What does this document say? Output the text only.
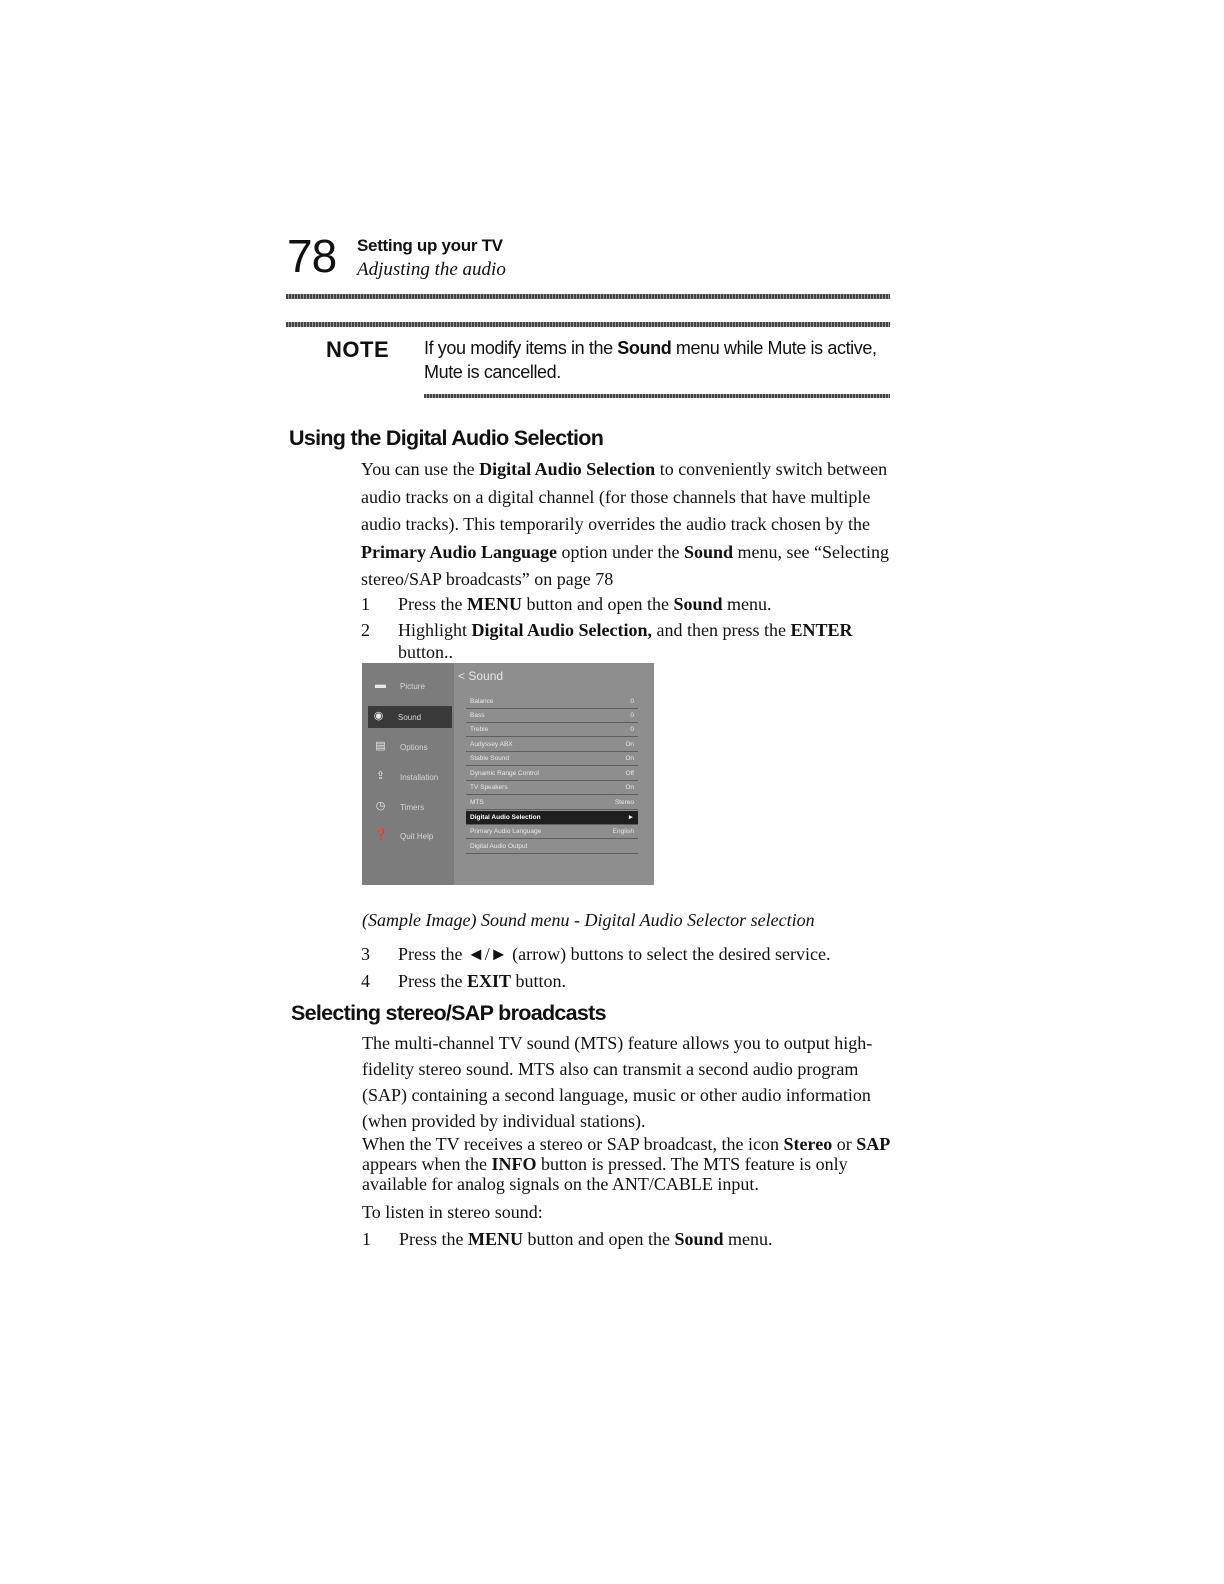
78 Setting up your TV
Adjusting the audio
NOTE If you modify items in the Sound menu while Mute is active, Mute is cancelled.
Using the Digital Audio Selection
You can use the Digital Audio Selection to conveniently switch between audio tracks on a digital channel (for those channels that have multiple audio tracks). This temporarily overrides the audio track chosen by the Primary Audio Language option under the Sound menu, see “Selecting stereo/SAP broadcasts” on page 78
1 Press the MENU button and open the Sound menu.
2 Highlight Digital Audio Selection, and then press the ENTER button..
▬ Picture
◉ Sound
▤ Options
⇪ Installation
◷ Timers
❓ Quit Help
< Sound
Balance	0
Bass	0
Treble	0
Audyssey ABX	On
Stable Sound	On
Dynamic Range Control	Off
TV Speakers	On
MTS	Stereo
Digital Audio Selection	►
Primary Audio Language	English
Digital Audio Output
(Sample Image) Sound menu - Digital Audio Selector selection
3 Press the ◄/► (arrow) buttons to select the desired service.
4 Press the EXIT button.
Selecting stereo/SAP broadcasts
The multi-channel TV sound (MTS) feature allows you to output high-fidelity stereo sound. MTS also can transmit a second audio program (SAP) containing a second language, music or other audio information (when provided by individual stations).
When the TV receives a stereo or SAP broadcast, the icon Stereo or SAP appears when the INFO button is pressed. The MTS feature is only available for analog signals on the ANT/CABLE input.
To listen in stereo sound:
1 Press the MENU button and open the Sound menu.
